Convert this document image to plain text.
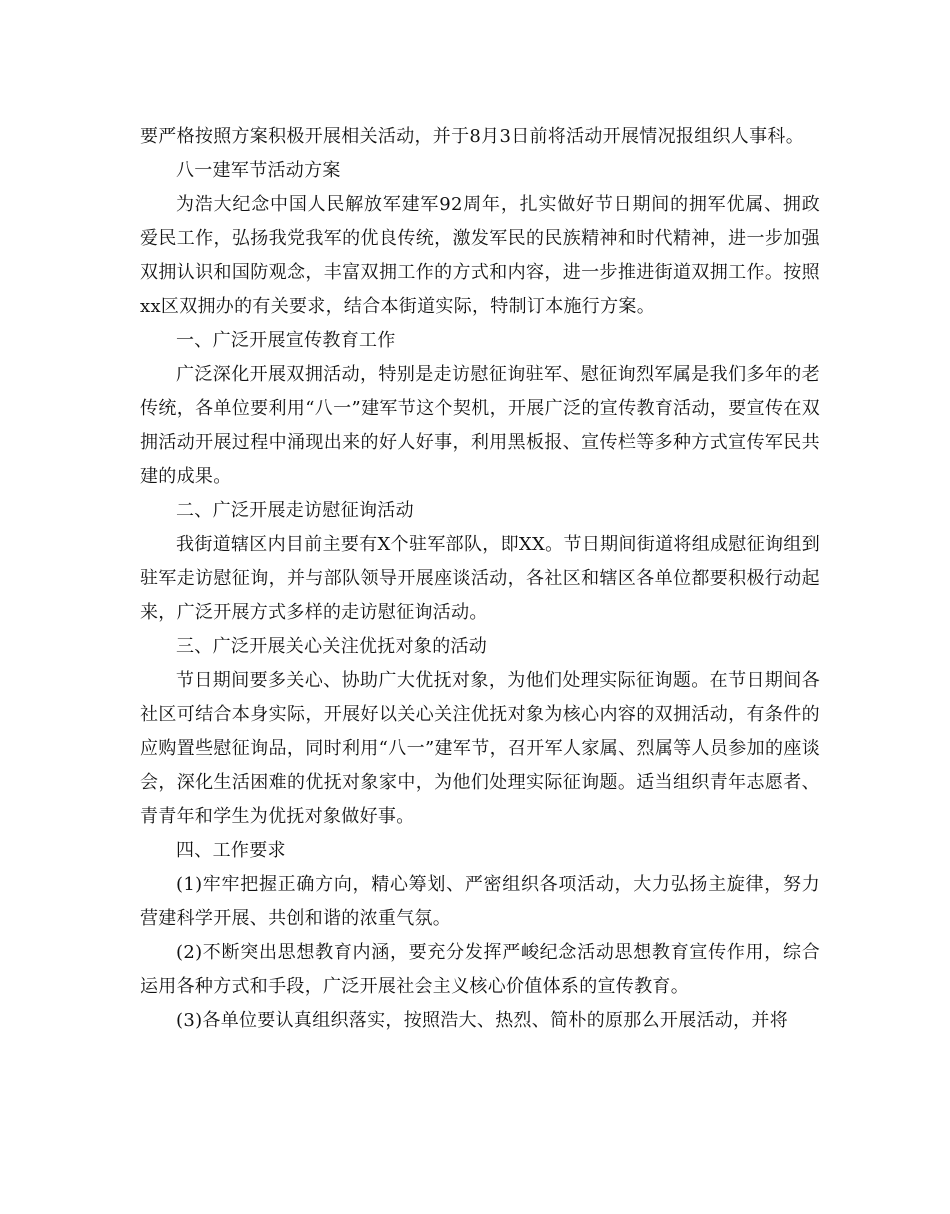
要严格按照方案积极开展相关活动，并于8月3日前将活动开展情况报组织人事科。

八一建军节活动方案

为浩大纪念中国人民解放军建军92周年，扎实做好节日期间的拥军优属、拥政爱民工作，弘扬我党我军的优良传统，激发军民的民族精神和时代精神，进一步加强双拥认识和国防观念，丰富双拥工作的方式和内容，进一步推进街道双拥工作。按照xx区双拥办的有关要求，结合本街道实际，特制订本施行方案。

一、广泛开展宣传教育工作

广泛深化开展双拥活动，特别是走访慰征询驻军、慰征询烈军属是我们多年的老传统，各单位要利用“八一”建军节这个契机，开展广泛的宣传教育活动，要宣传在双拥活动开展过程中涌现出来的好人好事，利用黑板报、宣传栏等多种方式宣传军民共建的成果。

二、广泛开展走访慰征询活动

我街道辖区内目前主要有X个驻军部队，即XX。节日期间街道将组成慰征询组到驻军走访慰征询，并与部队领导开展座谈活动，各社区和辖区各单位都要积极行动起来，广泛开展方式多样的走访慰征询活动。

三、广泛开展关心关注优抚对象的活动

节日期间要多关心、协助广大优抚对象，为他们处理实际征询题。在节日期间各社区可结合本身实际，开展好以关心关注优抚对象为核心内容的双拥活动，有条件的应购置些慰征询品，同时利用“八一”建军节，召开军人家属、烈属等人员参加的座谈会，深化生活困难的优抚对象家中，为他们处理实际征询题。适当组织青年志愿者、青青年和学生为优抚对象做好事。

四、工作要求

(1)牢牢把握正确方向，精心筹划、严密组织各项活动，大力弘扬主旋律，努力营建科学开展、共创和谐的浓重气氛。

(2)不断突出思想教育内涵，要充分发挥严峻纪念活动思想教育宣传作用，综合运用各种方式和手段，广泛开展社会主义核心价值体系的宣传教育。

(3)各单位要认真组织落实，按照浩大、热烈、简朴的原那么开展活动，并将
